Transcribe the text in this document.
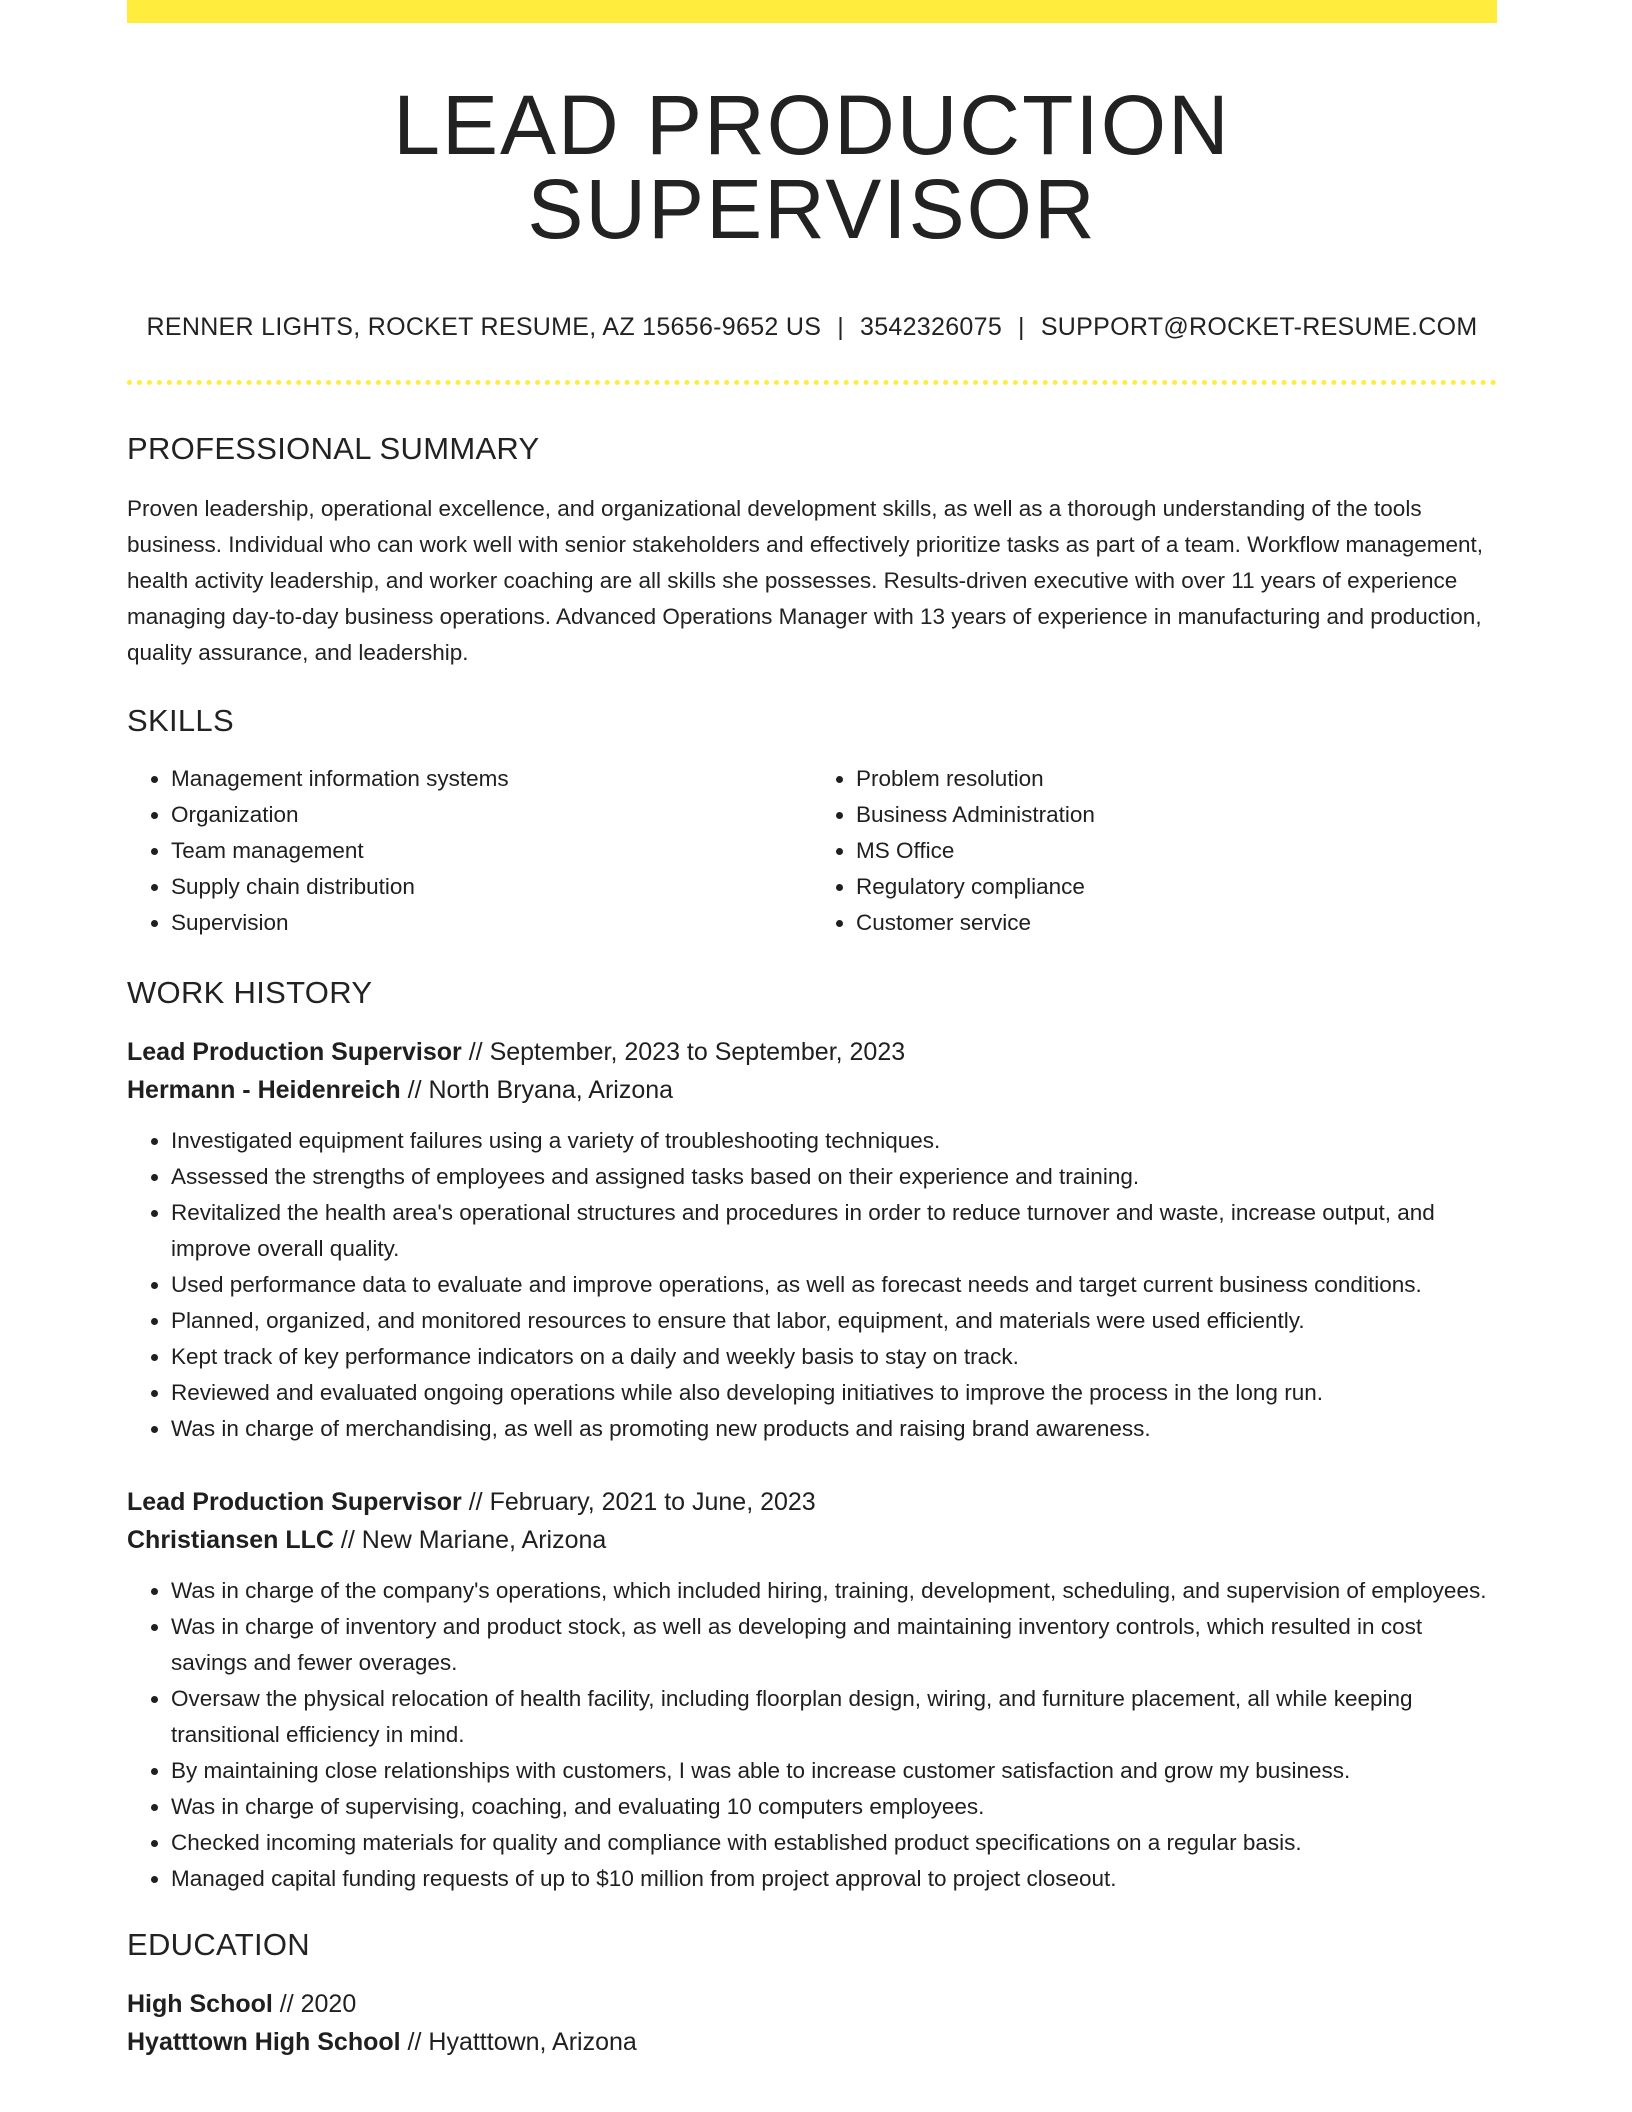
LEAD PRODUCTION SUPERVISOR
RENNER LIGHTS, ROCKET RESUME, AZ 15656-9652 US | 3542326075 | SUPPORT@ROCKET-RESUME.COM
PROFESSIONAL SUMMARY
Proven leadership, operational excellence, and organizational development skills, as well as a thorough understanding of the tools business. Individual who can work well with senior stakeholders and effectively prioritize tasks as part of a team. Workflow management, health activity leadership, and worker coaching are all skills she possesses. Results-driven executive with over 11 years of experience managing day-to-day business operations. Advanced Operations Manager with 13 years of experience in manufacturing and production, quality assurance, and leadership.
SKILLS
• Management information systems
• Organization
• Team management
• Supply chain distribution
• Supervision
• Problem resolution
• Business Administration
• MS Office
• Regulatory compliance
• Customer service
WORK HISTORY
Lead Production Supervisor // September, 2023 to September, 2023
Hermann - Heidenreich // North Bryana, Arizona
• Investigated equipment failures using a variety of troubleshooting techniques.
• Assessed the strengths of employees and assigned tasks based on their experience and training.
• Revitalized the health area's operational structures and procedures in order to reduce turnover and waste, increase output, and improve overall quality.
• Used performance data to evaluate and improve operations, as well as forecast needs and target current business conditions.
• Planned, organized, and monitored resources to ensure that labor, equipment, and materials were used efficiently.
• Kept track of key performance indicators on a daily and weekly basis to stay on track.
• Reviewed and evaluated ongoing operations while also developing initiatives to improve the process in the long run.
• Was in charge of merchandising, as well as promoting new products and raising brand awareness.
Lead Production Supervisor // February, 2021 to June, 2023
Christiansen LLC // New Mariane, Arizona
• Was in charge of the company's operations, which included hiring, training, development, scheduling, and supervision of employees.
• Was in charge of inventory and product stock, as well as developing and maintaining inventory controls, which resulted in cost savings and fewer overages.
• Oversaw the physical relocation of health facility, including floorplan design, wiring, and furniture placement, all while keeping transitional efficiency in mind.
• By maintaining close relationships with customers, I was able to increase customer satisfaction and grow my business.
• Was in charge of supervising, coaching, and evaluating 10 computers employees.
• Checked incoming materials for quality and compliance with established product specifications on a regular basis.
• Managed capital funding requests of up to $10 million from project approval to project closeout.
EDUCATION
High School // 2020
Hyatttown High School // Hyatttown, Arizona
